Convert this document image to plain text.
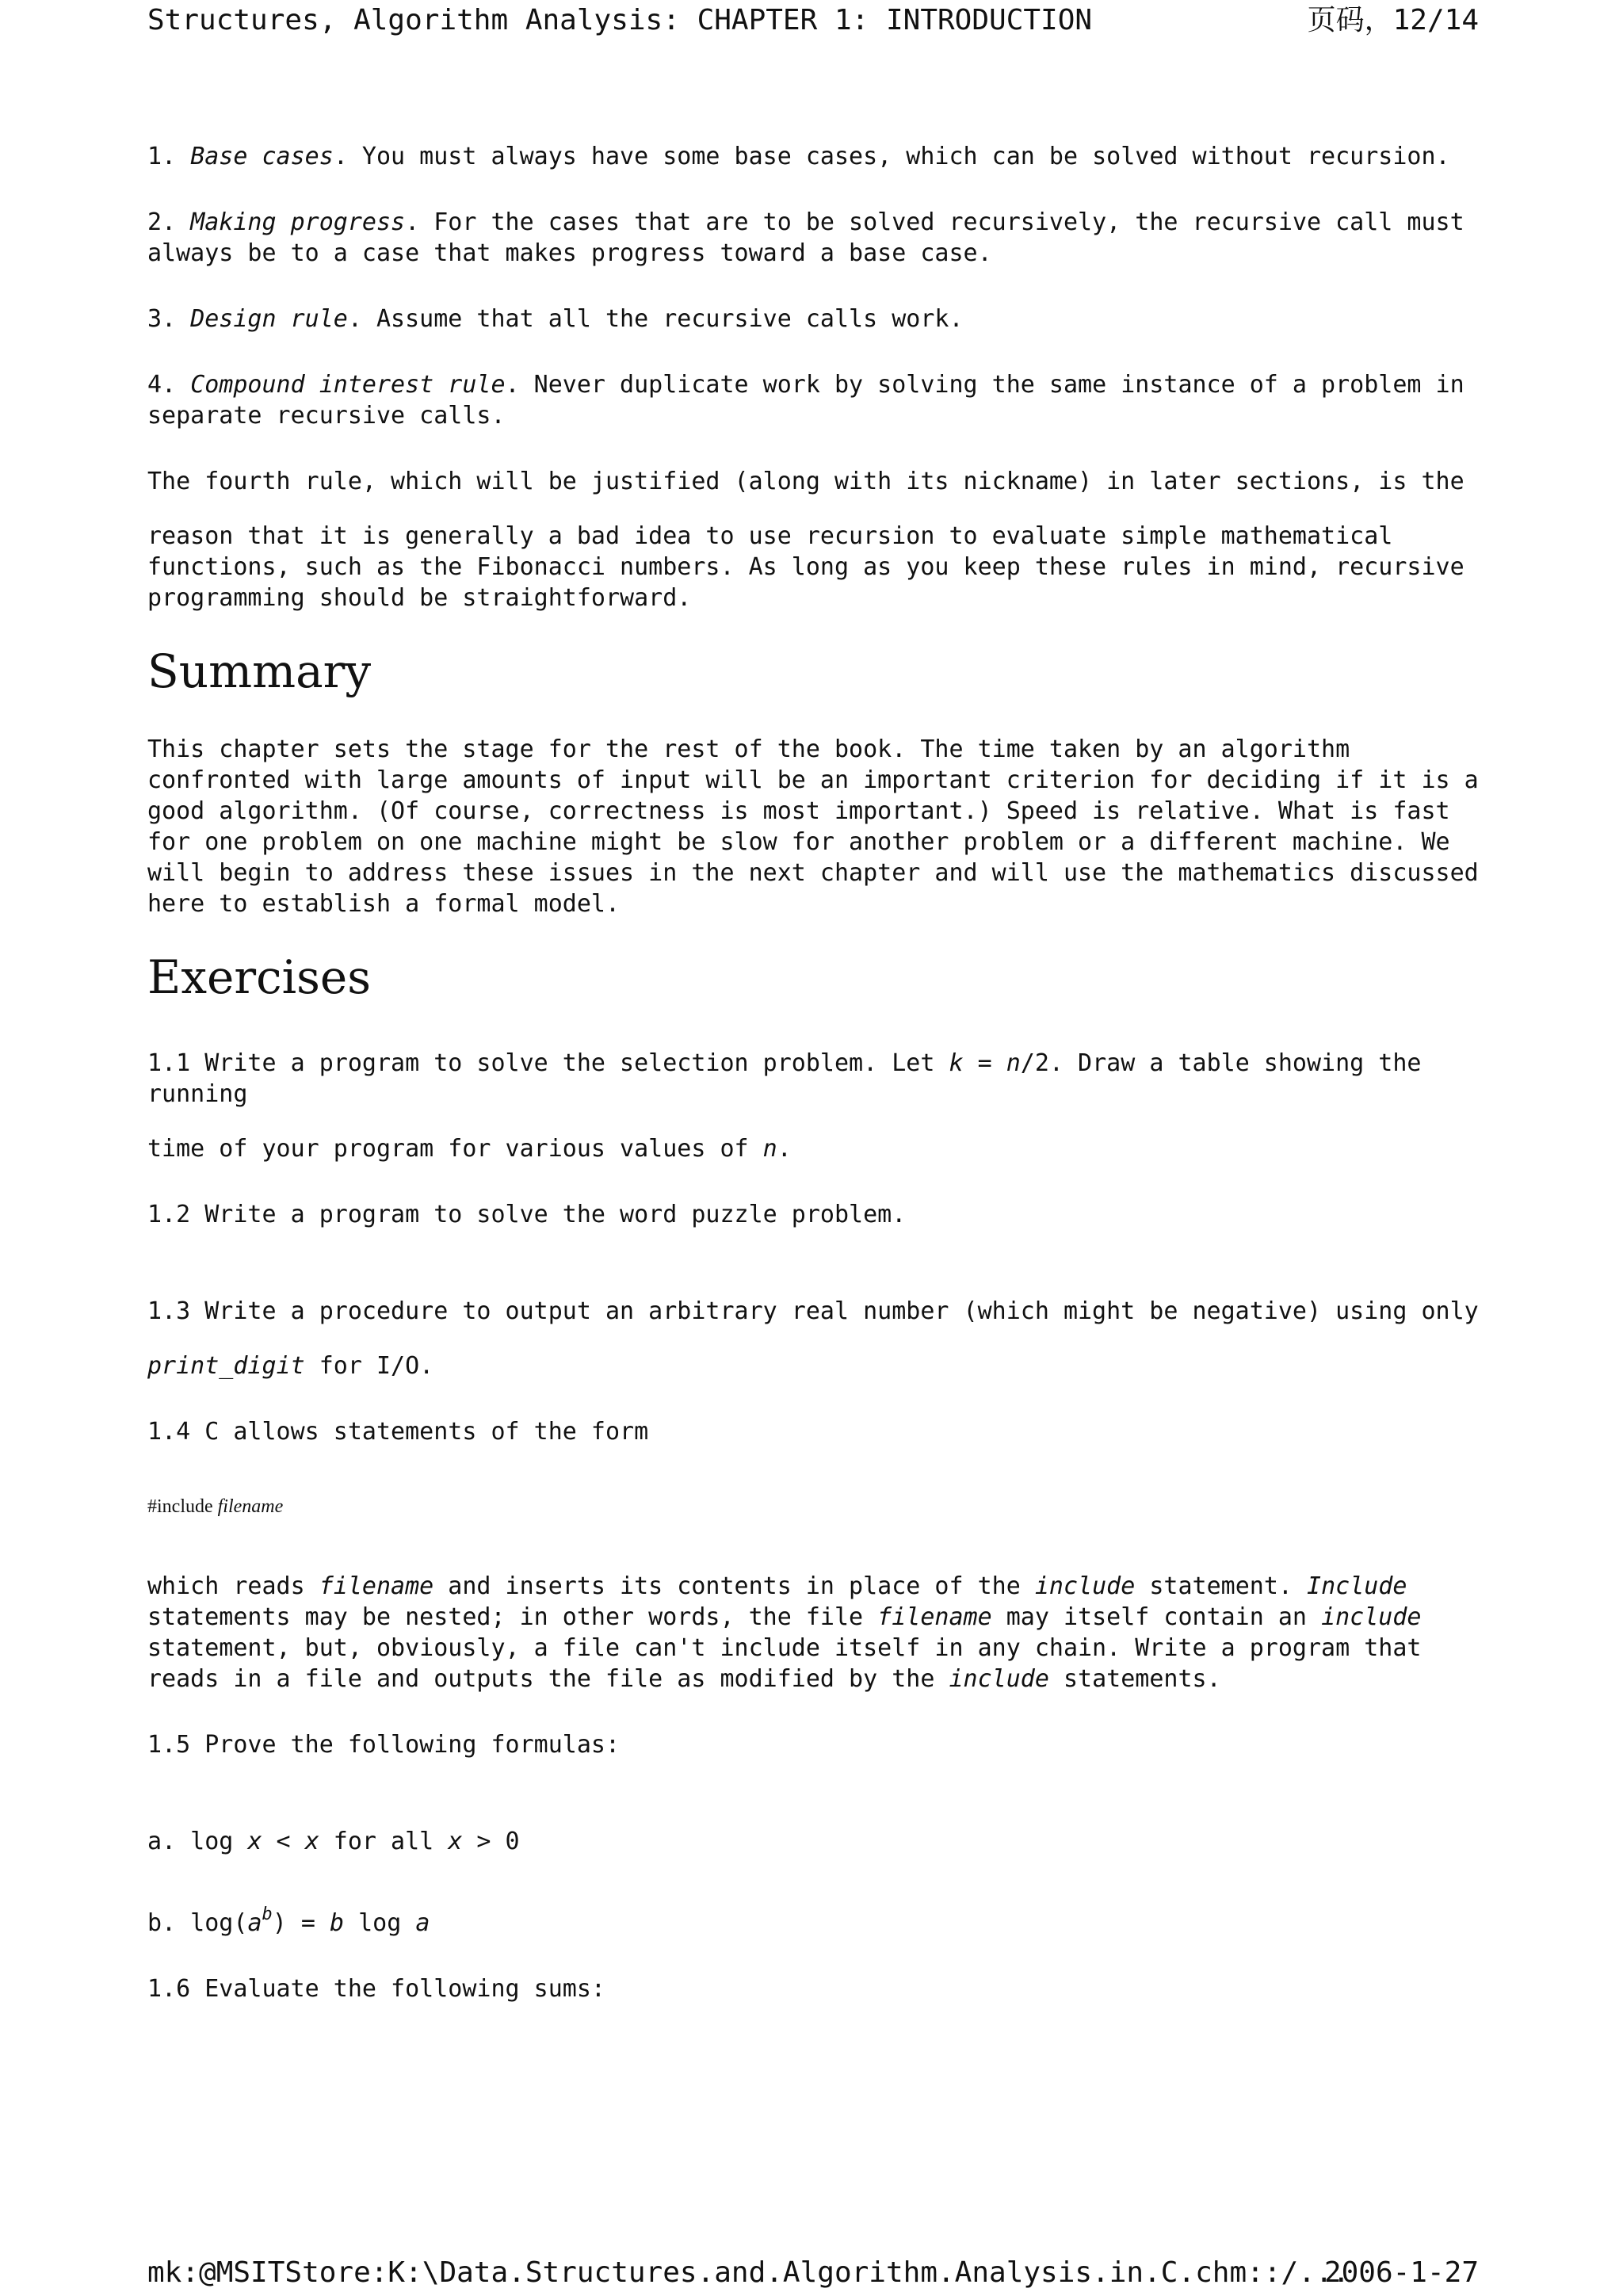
Structures, Algorithm Analysis: CHAPTER 1: INTRODUCTION	页码，12/14

1. Base cases. You must always have some base cases, which can be solved without recursion.

2. Making progress. For the cases that are to be solved recursively, the recursive call must always be to a case that makes progress toward a base case.

3. Design rule. Assume that all the recursive calls work.

4. Compound interest rule. Never duplicate work by solving the same instance of a problem in separate recursive calls.

The fourth rule, which will be justified (along with its nickname) in later sections, is the

reason that it is generally a bad idea to use recursion to evaluate simple mathematical functions, such as the Fibonacci numbers. As long as you keep these rules in mind, recursive programming should be straightforward.

Summary

This chapter sets the stage for the rest of the book. The time taken by an algorithm confronted with large amounts of input will be an important criterion for deciding if it is a good algorithm. (Of course, correctness is most important.) Speed is relative. What is fast for one problem on one machine might be slow for another problem or a different machine. We will begin to address these issues in the next chapter and will use the mathematics discussed here to establish a formal model.

Exercises

1.1 Write a program to solve the selection problem. Let k = n/2. Draw a table showing the running

time of your program for various values of n.

1.2 Write a program to solve the word puzzle problem.

1.3 Write a procedure to output an arbitrary real number (which might be negative) using only

print_digit for I/O.

1.4 C allows statements of the form

#include filename

which reads filename and inserts its contents in place of the include statement. Include statements may be nested; in other words, the file filename may itself contain an include statement, but, obviously, a file can't include itself in any chain. Write a program that reads in a file and outputs the file as modified by the include statements.

1.5 Prove the following formulas:

a. log x < x for all x > 0

b. $\log(a^b) = b$ log a

1.6 Evaluate the following sums:

mk:@MSITStore:K:\Data.Structures.and.Algorithm.Analysis.in.C.chm::/...
2006-1-27
